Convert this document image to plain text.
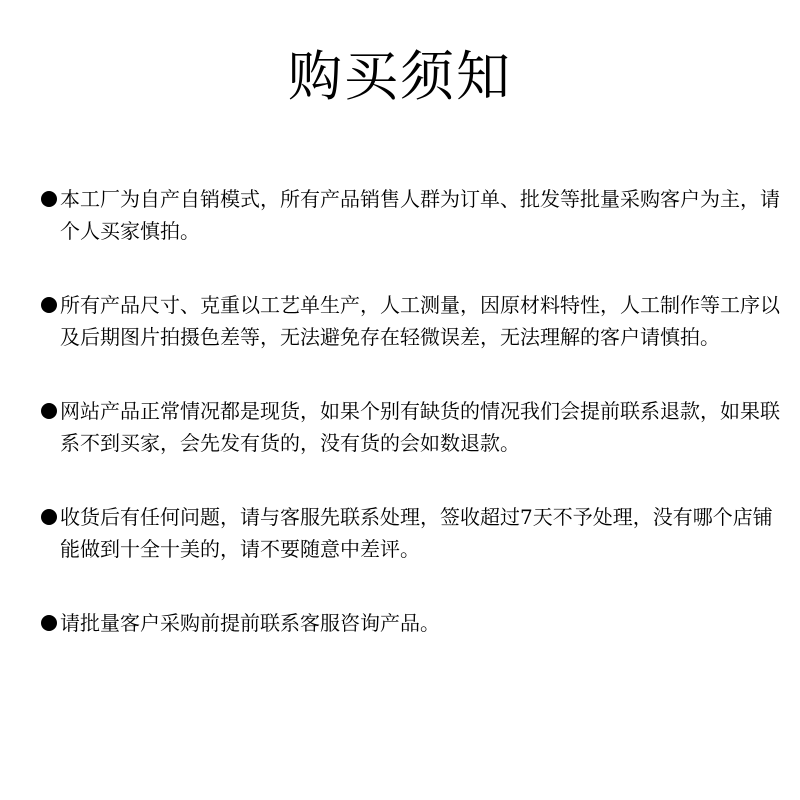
购买须知
本工厂为自产自销模式，所有产品销售人群为订单、批发等批量采购客户为主，请个人买家慎拍。
所有产品尺寸、克重以工艺单生产，人工测量，因原材料特性，人工制作等工序以及后期图片拍摄色差等，无法避免存在轻微误差，无法理解的客户请慎拍。
网站产品正常情况都是现货，如果个别有缺货的情况我们会提前联系退款，如果联系不到买家，会先发有货的，没有货的会如数退款。
收货后有任何问题，请与客服先联系处理，签收超过7天不予处理，没有哪个店铺能做到十全十美的，请不要随意中差评。
请批量客户采购前提前联系客服咨询产品。
